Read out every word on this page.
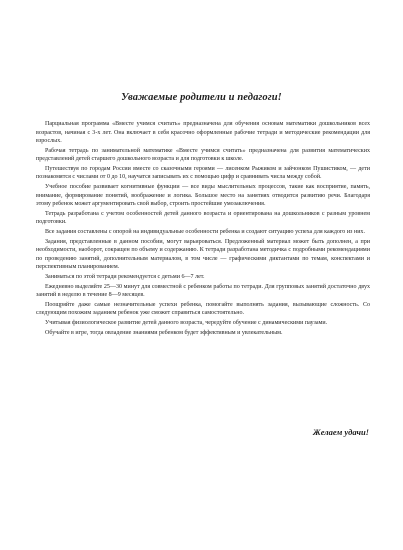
Уважаемые родители и педагоги!

Парциальная программа «Вместе учимся считать» предназначена для обучения основам математики дошкольников всех возрастов, начиная с 3-х лет. Она включает в себя красочно оформленные рабочие тетради и методические рекомендации для взрослых.

Рабочая тетрадь по занимательной математике «Вместе учимся считать» предназначена для развития математических представлений детей старшего дошкольного возраста и для подготовки к школе.

Путешествуя по городам России вместе со сказочными героями — лисенком Рыжиком и зайчонком Пушистиком, — дети познакомятся с числами от 0 до 10, научатся записывать их с помощью цифр и сравнивать числа между собой.

Учебное пособие развивает когнитивные функции — все виды мыслительных процессов, такие как восприятие, память, внимание, формирование понятий, воображение и логика. Большое место на занятиях отводится развитию речи. Благодаря этому ребенок может аргументировать свой выбор, строить простейшие умозаключения.

Тетрадь разработана с учетом особенностей детей данного возраста и ориентирована на дошкольников с разным уровнем подготовки.

Все задания составлены с опорой на индивидуальные особенности ребенка и создают ситуацию успеха для каждого из них.

Задания, представленные в данном пособии, могут варьироваться. Предложенный материал может быть дополнен, а при необходимости, наоборот, сокращен по объему и содержанию. К тетради разработана методичка с подробными рекомендациями по проведению занятий, дополнительным материалом, в том числе — графическими диктантами по темам, конспектами и перспективным планированием.

Заниматься по этой тетради рекомендуется с детьми 6—7 лет.

Ежедневно выделяйте 25—30 минут для совместной с ребенком работы по тетради. Для групповых занятий достаточно двух занятий в неделю в течение 8—9 месяцев.

Поощряйте даже самые незначительные успехи ребенка, помогайте выполнять задания, вызывающие сложность. Со следующим похожим заданием ребенок уже сможет справиться самостоятельно.

Учитывая физиологическое развитие детей данного возраста, чередуйте обучение с динамическими паузами.

Обучайте в игре, тогда овладение знаниями ребенком будет эффективным и увлекательным.

Желаем удачи!
